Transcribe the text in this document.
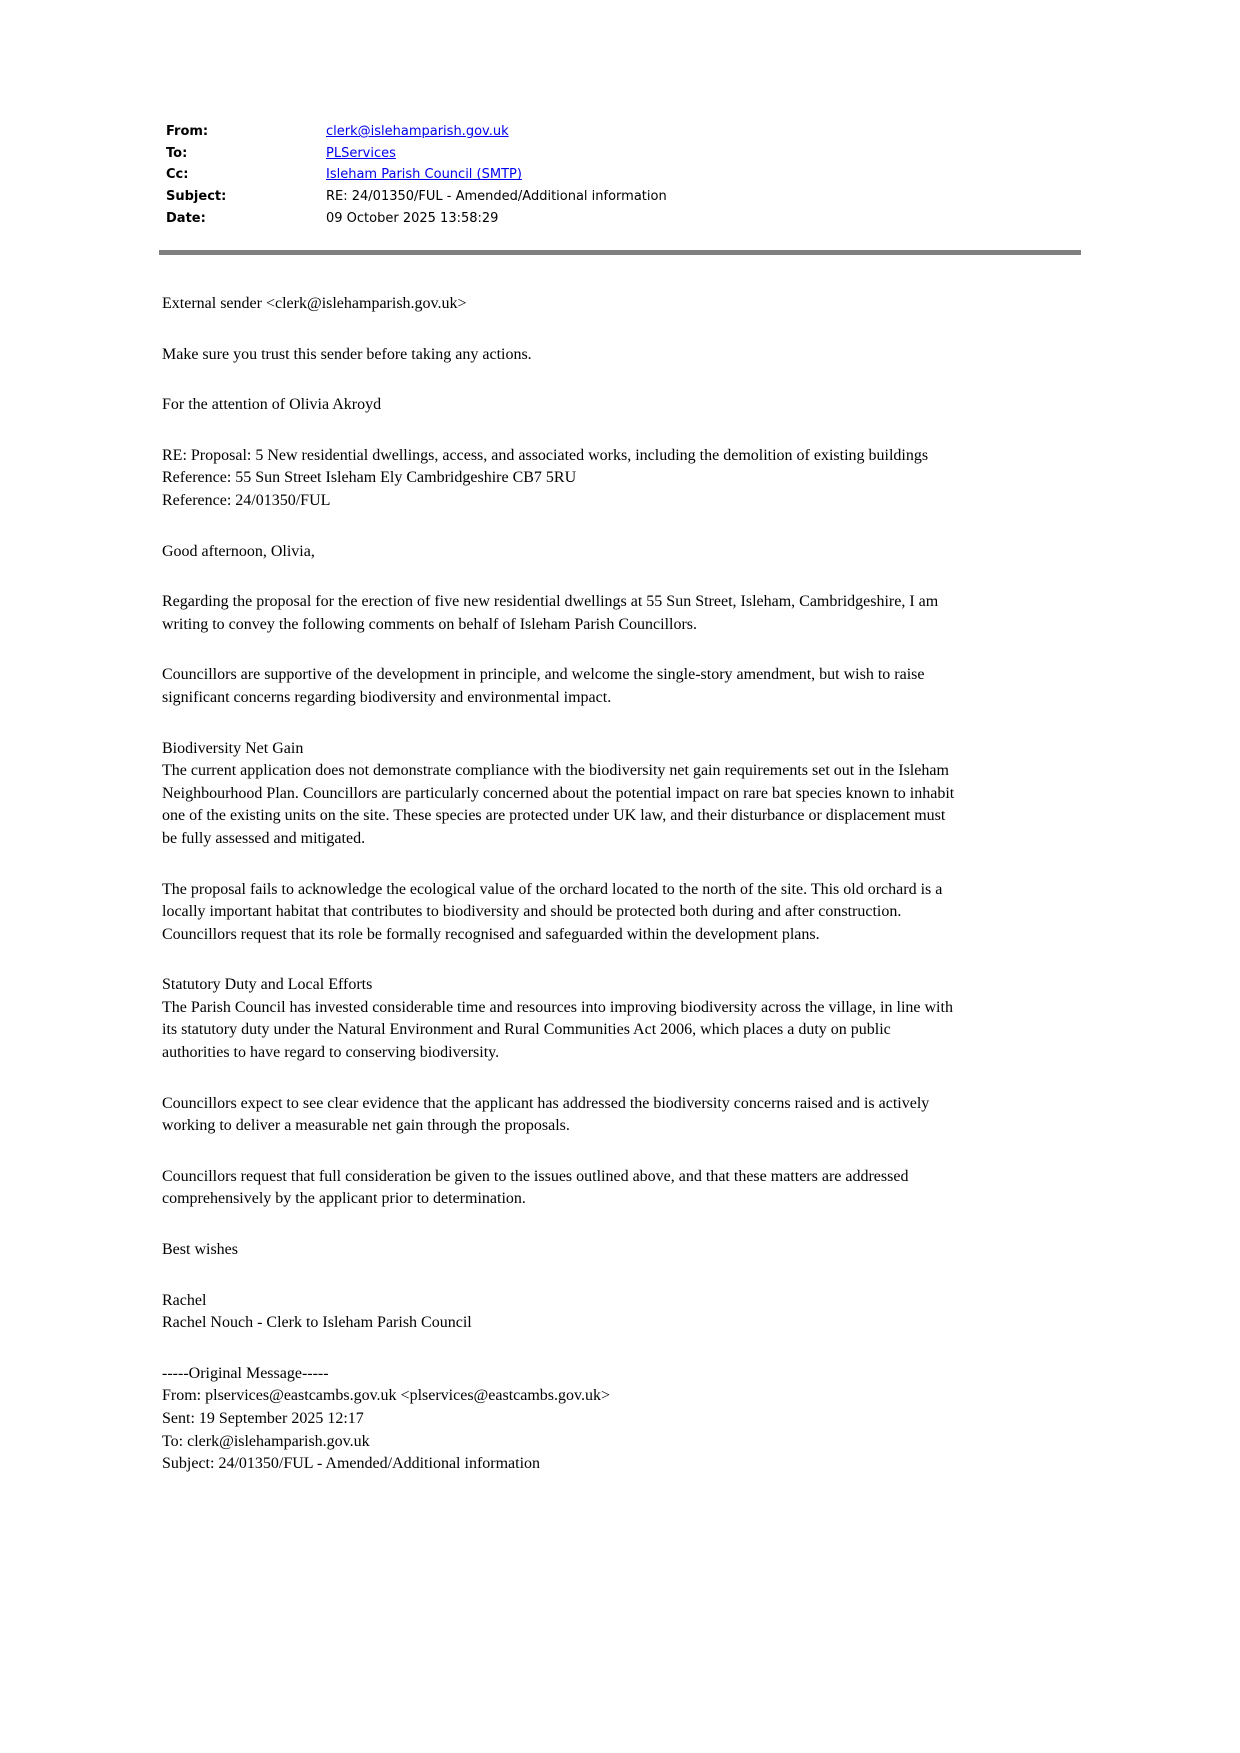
From:	clerk@islehamparish.gov.uk
To:	PLServices
Cc:	Isleham Parish Council (SMTP)
Subject:	RE: 24/01350/FUL - Amended/Additional information
Date:	09 October 2025 13:58:29
External sender <clerk@islehamparish.gov.uk>
Make sure you trust this sender before taking any actions.
For the attention of Olivia Akroyd
RE: Proposal: 5 New residential dwellings, access, and associated works, including the demolition of existing buildings
Reference: 55 Sun Street Isleham Ely Cambridgeshire CB7 5RU
Reference: 24/01350/FUL
Good afternoon, Olivia,
Regarding the proposal for the erection of five new residential dwellings at 55 Sun Street, Isleham, Cambridgeshire, I am writing to convey the following comments on behalf of Isleham Parish Councillors.
Councillors are supportive of the development in principle, and welcome the single-story amendment, but wish to raise significant concerns regarding biodiversity and environmental impact.
Biodiversity Net Gain
The current application does not demonstrate compliance with the biodiversity net gain requirements set out in the Isleham Neighbourhood Plan. Councillors are particularly concerned about the potential impact on rare bat species known to inhabit one of the existing units on the site. These species are protected under UK law, and their disturbance or displacement must be fully assessed and mitigated.
The proposal fails to acknowledge the ecological value of the orchard located to the north of the site. This old orchard is a locally important habitat that contributes to biodiversity and should be protected both during and after construction. Councillors request that its role be formally recognised and safeguarded within the development plans.
Statutory Duty and Local Efforts
The Parish Council has invested considerable time and resources into improving biodiversity across the village, in line with its statutory duty under the Natural Environment and Rural Communities Act 2006, which places a duty on public authorities to have regard to conserving biodiversity.
Councillors expect to see clear evidence that the applicant has addressed the biodiversity concerns raised and is actively working to deliver a measurable net gain through the proposals.
Councillors request that full consideration be given to the issues outlined above, and that these matters are addressed comprehensively by the applicant prior to determination.
Best wishes
Rachel
Rachel Nouch - Clerk to Isleham Parish Council
-----Original Message-----
From: plservices@eastcambs.gov.uk <plservices@eastcambs.gov.uk>
Sent: 19 September 2025 12:17
To: clerk@islehamparish.gov.uk
Subject: 24/01350/FUL - Amended/Additional information
